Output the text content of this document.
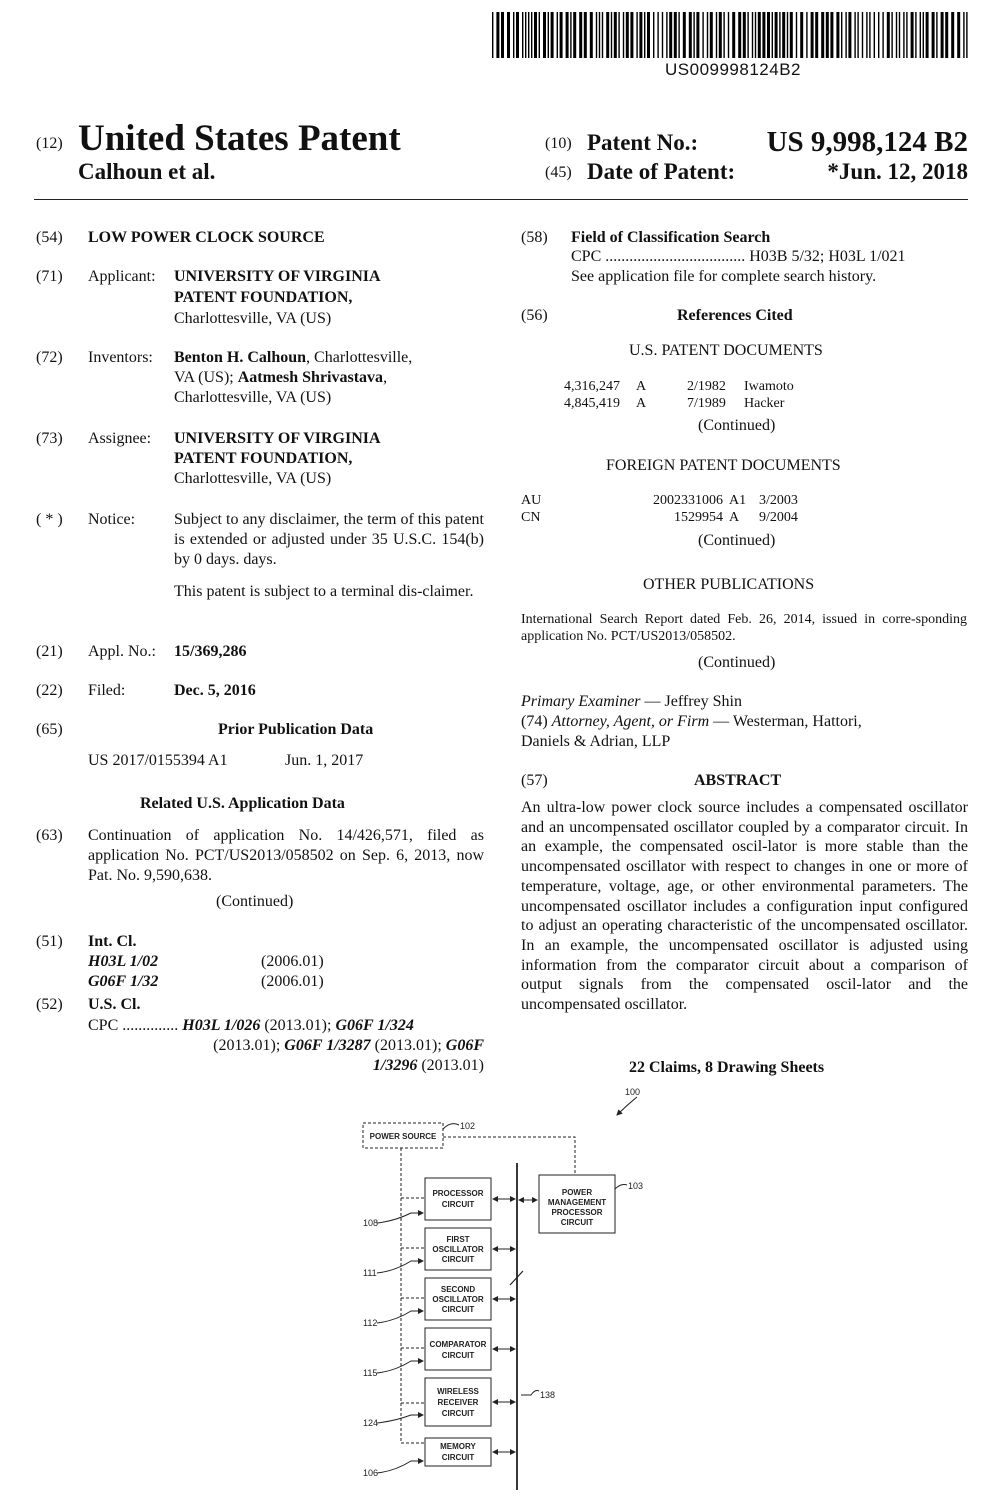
US009998124B2
(12) United States Patent
Calhoun et al.
(10) Patent No.: US 9,998,124 B2
(45) Date of Patent:	*Jun. 12, 2018
(54) LOW POWER CLOCK SOURCE
(71) Applicant: UNIVERSITY OF VIRGINIA
PATENT FOUNDATION,
Charlottesville, VA (US)
(72) Inventors: Benton H. Calhoun, Charlottesville,
VA (US); Aatmesh Shrivastava,
Charlottesville, VA (US)
(73) Assignee: UNIVERSITY OF VIRGINIA
PATENT FOUNDATION,
Charlottesville, VA (US)
( * ) Notice: Subject to any disclaimer, the term of this patent is extended or adjusted under 35 U.S.C. 154(b) by 0 days. days.
This patent is subject to a terminal dis-claimer.
(21) Appl. No.: 15/369,286
(22) Filed:	Dec. 5, 2016
(65)	Prior Publication Data
US 2017/0155394 A1	Jun. 1, 2017
Related U.S. Application Data
(63) Continuation of application No. 14/426,571, filed as application No. PCT/US2013/058502 on Sep. 6, 2013, now Pat. No. 9,590,638.
(Continued)
(51) Int. Cl.
H03L 1/02	(2006.01)
G06F 1/32	(2006.01)
(52) U.S. Cl.
CPC .............. H03L 1/026 (2013.01); G06F 1/324
(2013.01); G06F 1/3287 (2013.01); G06F
1/3296 (2013.01)
(58) Field of Classification Search
CPC ................................... H03B 5/32; H03L 1/021
See application file for complete search history.
(56)	References Cited
U.S. PATENT DOCUMENTS
4,316,247 A	2/1982 Iwamoto
4,845,419 A	7/1989 Hacker
(Continued)
FOREIGN PATENT DOCUMENTS
AU	2002331006 A1 3/2003
CN	1529954 A 9/2004
(Continued)
OTHER PUBLICATIONS
International Search Report dated Feb. 26, 2014, issued in corre-sponding application No. PCT/US2013/058502.
(Continued)
Primary Examiner — Jeffrey Shin
(74) Attorney, Agent, or Firm — Westerman, Hattori,
Daniels & Adrian, LLP
(57)	ABSTRACT
An ultra-low power clock source includes a compensated oscillator and an uncompensated oscillator coupled by a comparator circuit. In an example, the compensated oscil-lator is more stable than the uncompensated oscillator with respect to changes in one or more of temperature, voltage, age, or other environmental parameters. The uncompensated oscillator includes a configuration input configured to adjust an operating characteristic of the uncompensated oscillator. In an example, the uncompensated oscillator is adjusted using information from the comparator circuit about a comparison of output signals from the compensated oscil-lator and the uncompensated oscillator.
22 Claims, 8 Drawing Sheets
POWER SOURCE
PROCESSOR
CIRCUIT
FIRST
OSCILLATOR
CIRCUIT
SECOND
OSCILLATOR
CIRCUIT
COMPARATOR
CIRCUIT
WIRELESS
RECEIVER
CIRCUIT
MEMORY
CIRCUIT
POWER
MANAGEMENT
PROCESSOR
CIRCUIT
100
102
103
108
111
112
115
124
106
138
